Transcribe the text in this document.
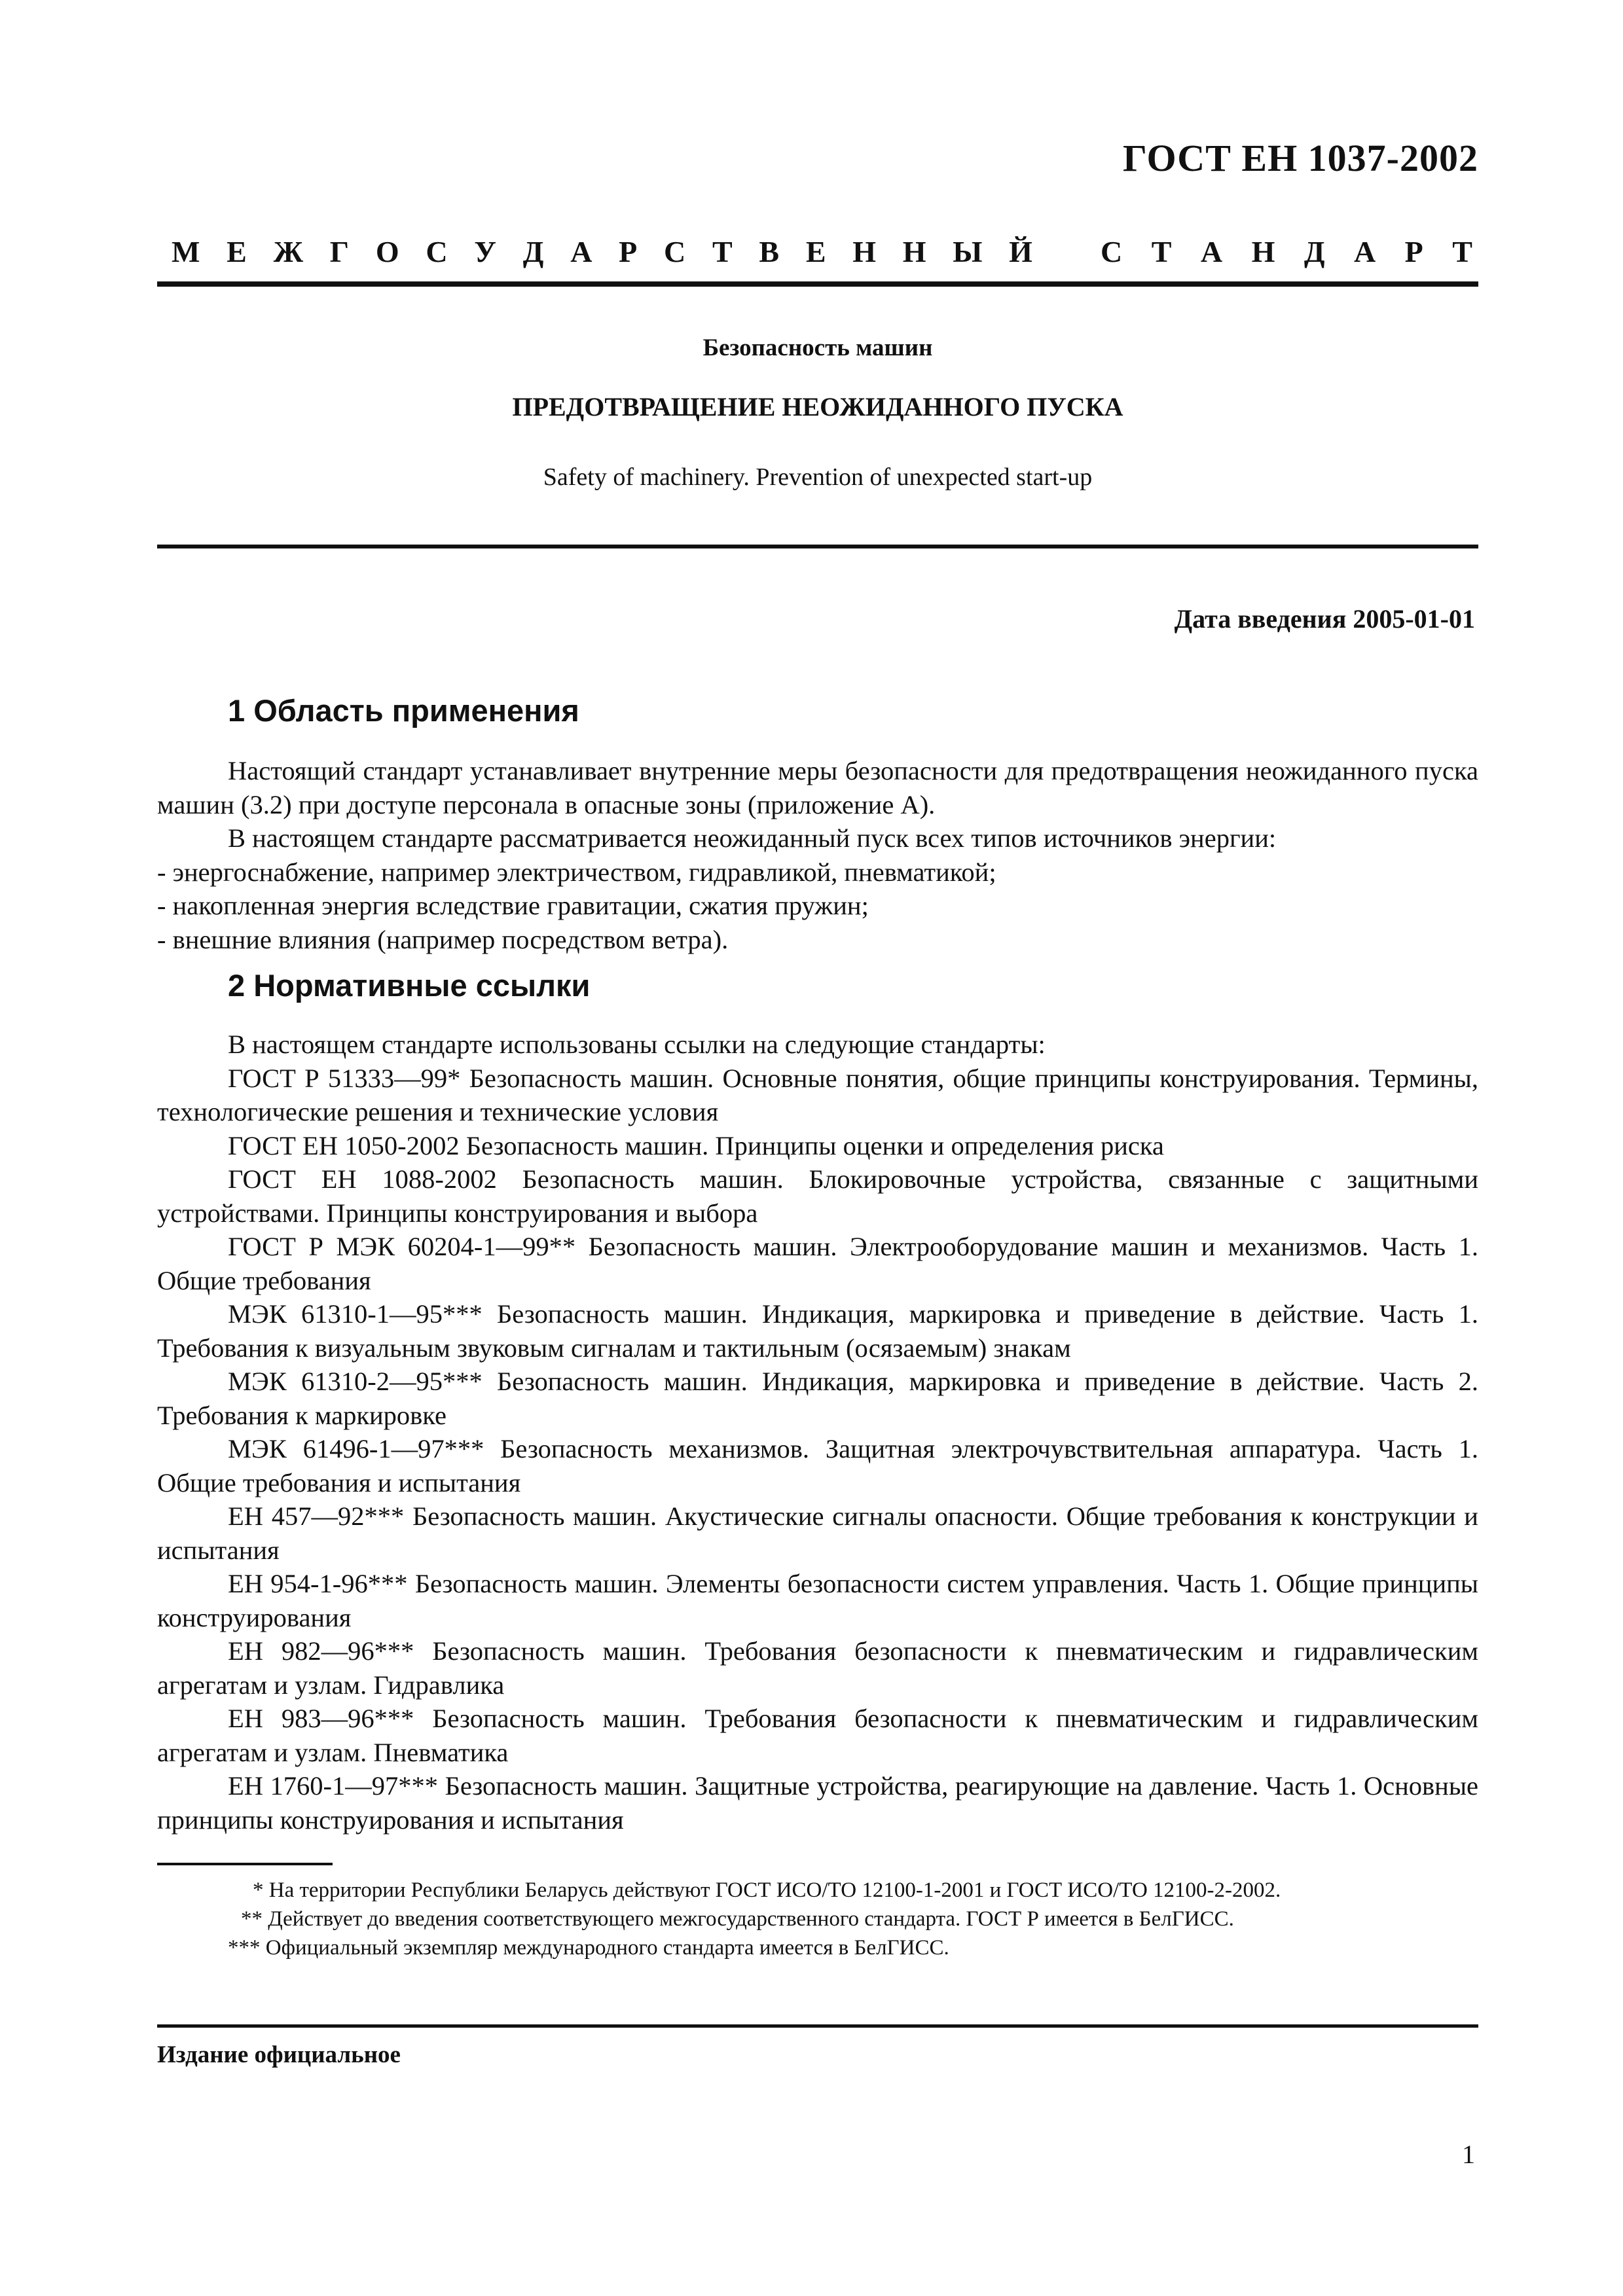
ГОСТ ЕН 1037-2002
М Е Ж Г О С У Д А Р С Т В Е Н Н Ы Й С Т А Н Д А Р Т
Безопасность машин
ПРЕДОТВРАЩЕНИЕ НЕОЖИДАННОГО ПУСКА
Safety of machinery. Prevention of unexpected start-up
Дата введения 2005-01-01
1 Область применения

Настоящий стандарт устанавливает внутренние меры безопасности для предотвращения неожиданного пуска машин (3.2) при доступе персонала в опасные зоны (приложение А).

В настоящем стандарте рассматривается неожиданный пуск всех типов источников энергии:

- энергоснабжение, например электричеством, гидравликой, пневматикой;

- накопленная энергия вследствие гравитации, сжатия пружин;

- внешние влияния (например посредством ветра).

2 Нормативные ссылки

В настоящем стандарте использованы ссылки на следующие стандарты:

ГОСТ Р 51333—99* Безопасность машин. Основные понятия, общие принципы конструирования. Термины, технологические решения и технические условия

ГОСТ ЕН 1050-2002 Безопасность машин. Принципы оценки и определения риска

ГОСТ ЕН 1088-2002 Безопасность машин. Блокировочные устройства, связанные с защитными устройствами. Принципы конструирования и выбора

ГОСТ Р МЭК 60204-1—99** Безопасность машин. Электрооборудование машин и механизмов. Часть 1. Общие требования

МЭК 61310-1—95*** Безопасность машин. Индикация, маркировка и приведение в действие. Часть 1. Требования к визуальным звуковым сигналам и тактильным (осязаемым) знакам

МЭК 61310-2—95*** Безопасность машин. Индикация, маркировка и приведение в действие. Часть 2. Требования к маркировке

МЭК 61496-1—97*** Безопасность механизмов. Защитная электрочувствительная аппаратура. Часть 1. Общие требования и испытания

ЕН 457—92*** Безопасность машин. Акустические сигналы опасности. Общие требования к конструкции и испытания

ЕН 954-1-96*** Безопасность машин. Элементы безопасности систем управления. Часть 1. Общие принципы конструирования

ЕН 982—96*** Безопасность машин. Требования безопасности к пневматическим и гидравлическим агрегатам и узлам. Гидравлика

ЕН 983—96*** Безопасность машин. Требования безопасности к пневматическим и гидравлическим агрегатам и узлам. Пневматика

ЕН 1760-1—97*** Безопасность машин. Защитные устройства, реагирующие на давление. Часть 1. Основные принципы конструирования и испытания

* На территории Республики Беларусь действуют ГОСТ ИСО/ТО 12100-1-2001 и ГОСТ ИСО/ТО 12100-2-2002.

** Действует до введения соответствующего межгосударственного стандарта. ГОСТ Р имеется в БелГИСС.

*** Официальный экземпляр международного стандарта имеется в БелГИСС.

Издание официальное
1
